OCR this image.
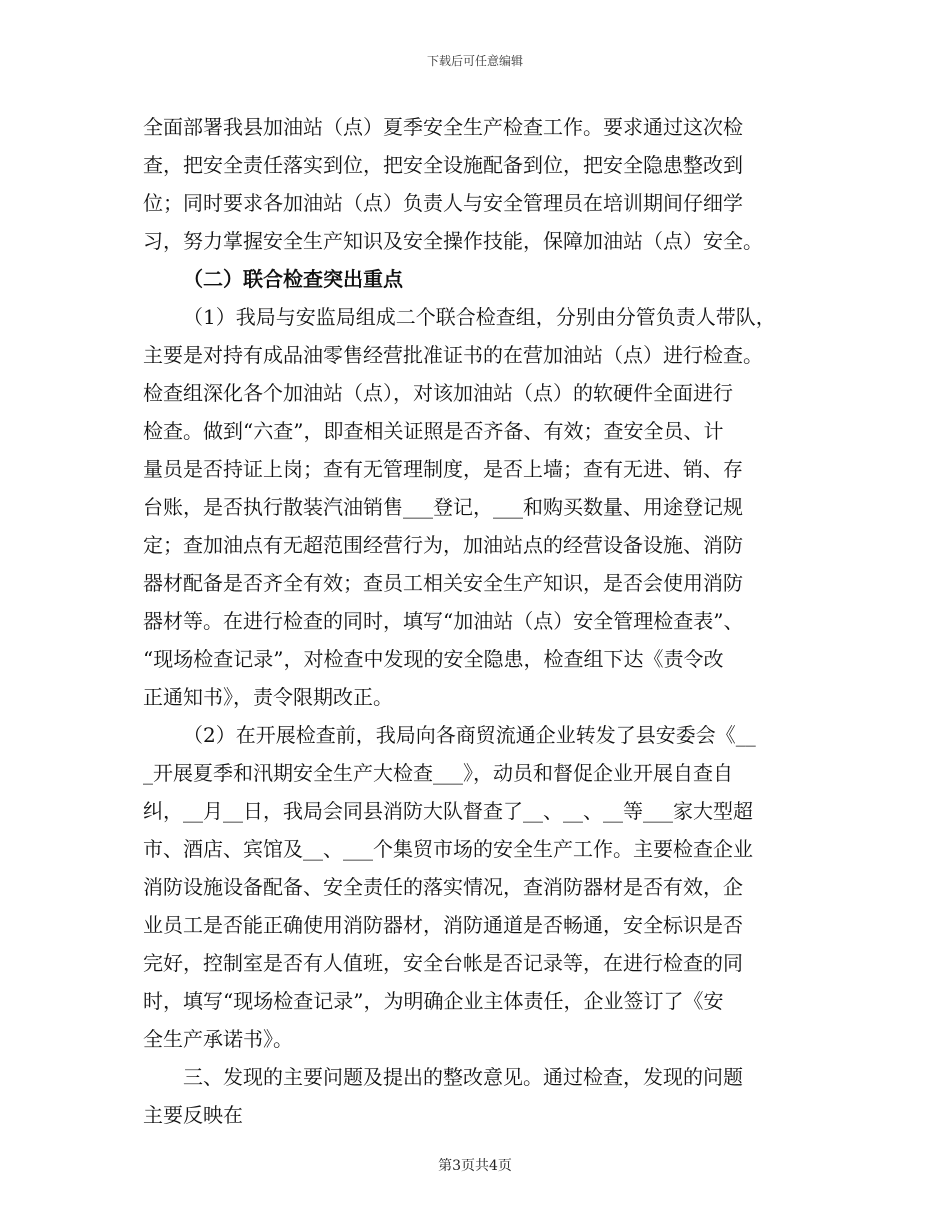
下载后可任意编辑
全面部署我县加油站（点）夏季安全生产检查工作。要求通过这次检
查，把安全责任落实到位，把安全设施配备到位，把安全隐患整改到
位；同时要求各加油站（点）负责人与安全管理员在培训期间仔细学
习，努力掌握安全生产知识及安全操作技能，保障加油站（点）安全。
（二）联合检查突出重点
（1）我局与安监局组成二个联合检查组，分别由分管负责人带队，
主要是对持有成品油零售经营批准证书的在营加油站（点）进行检查。
检查组深化各个加油站（点），对该加油站（点）的软硬件全面进行
检查。做到“六查”，即查相关证照是否齐备、有效；查安全员、计
量员是否持证上岗；查有无管理制度，是否上墙；查有无进、销、存
台账，是否执行散装汽油销售___登记，___和购买数量、用途登记规
定；查加油点有无超范围经营行为，加油站点的经营设备设施、消防
器材配备是否齐全有效；查员工相关安全生产知识，是否会使用消防
器材等。在进行检查的同时，填写“加油站（点）安全管理检查表”、
“现场检查记录”，对检查中发现的安全隐患，检查组下达《责令改
正通知书》，责令限期改正。
（2）在开展检查前，我局向各商贸流通企业转发了县安委会《__
_开展夏季和汛期安全生产大检查___》，动员和督促企业开展自查自
纠，__月__日，我局会同县消防大队督查了__、__、__等___家大型超
市、酒店、宾馆及__、___个集贸市场的安全生产工作。主要检查企业
消防设施设备配备、安全责任的落实情况，查消防器材是否有效，企
业员工是否能正确使用消防器材，消防通道是否畅通，安全标识是否
完好，控制室是否有人值班，安全台帐是否记录等，在进行检查的同
时，填写“现场检查记录”，为明确企业主体责任，企业签订了《安
全生产承诺书》。
三、发现的主要问题及提出的整改意见。通过检查，发现的问题
主要反映在
第3页共4页
